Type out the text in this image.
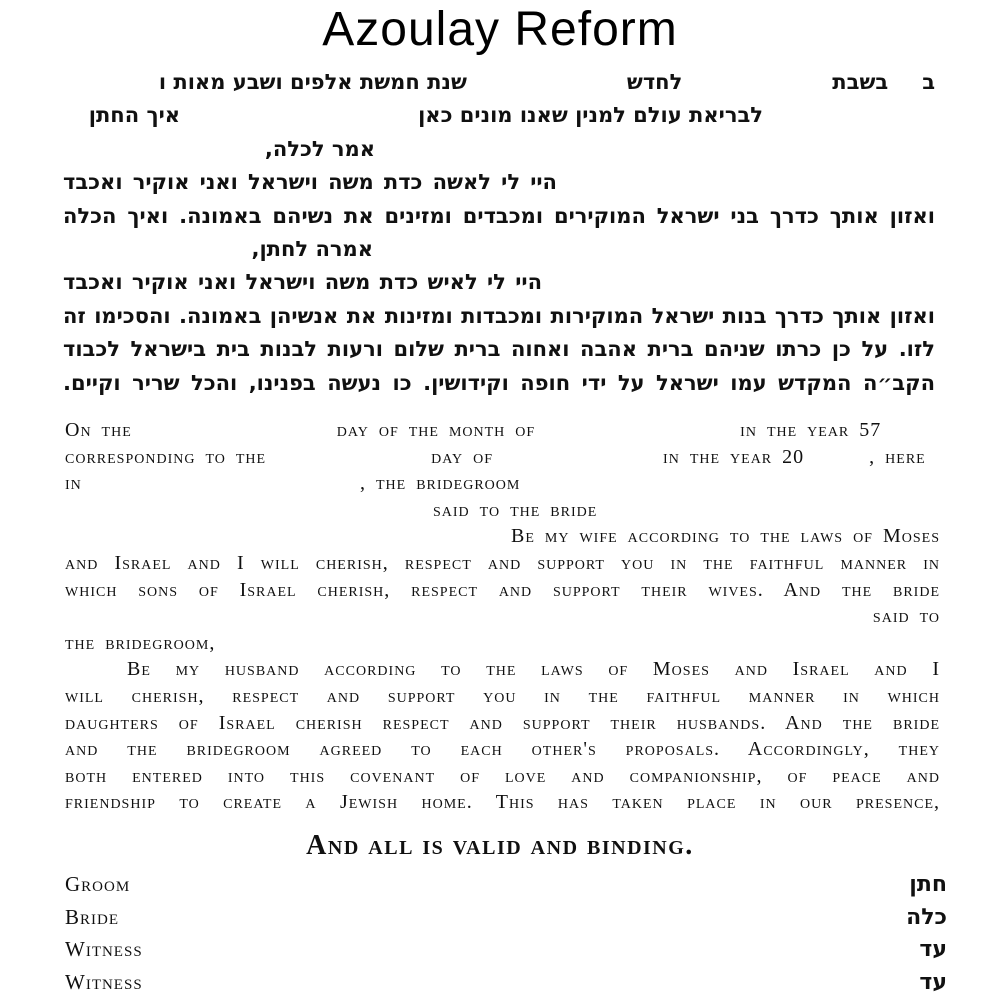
Azoulay Reform
בבשבתלחדששנת חמשת אלפים ושבע מאות ו
לבריאת עולם למנין שאנו מונים כאןאיך החתן
אמר לכלה,
היי לי לאשה כדת משה וישראל ואני אוקיר ואכבד
ואזון אותך כדרך בני ישראל המוקירים ומכבדים ומזינים את נשיהם באמונה. ואיך הכלה
אמרה לחתן,
היי לי לאיש כדת משה וישראל ואני אוקיר ואכבד
ואזון אותך כדרך בנות ישראל המוקירות ומכבדות ומזינות את אנשיהן באמונה. והסכימו זה
לזו. על כן כרתו שניהם ברית אהבה ואחוה ברית שלום ורעות לבנות בית בישראל לכבוד
הקב״ה המקדש עמו ישראל על ידי חופה וקידושין. כו נעשה בפנינו, והכל שריר וקיים.
On the	day of the month of	in the year 57
corresponding to the	day of	in the year 20	, here in	, the bridegroom
said to the bride
Be my wife according to the laws of Moses
and Israel and I will cherish, respect and support you in the faithful manner in
which sons of Israel cherish, respect and support their wives. And the bride
said to
the bridegroom,
Be my husband according to the laws of Moses and Israel and I
will cherish, respect and support you in the faithful manner in which
daughters of Israel cherish respect and support their husbands. And the bride
and the bridegroom agreed to each other's proposals. Accordingly, they
both entered into this covenant of love and companionship, of peace and
friendship to create a Jewish home. This has taken place in our presence,
And all is valid and binding.
Groom	חתן
Bride	כלה
Witness	עד
Witness	עד
